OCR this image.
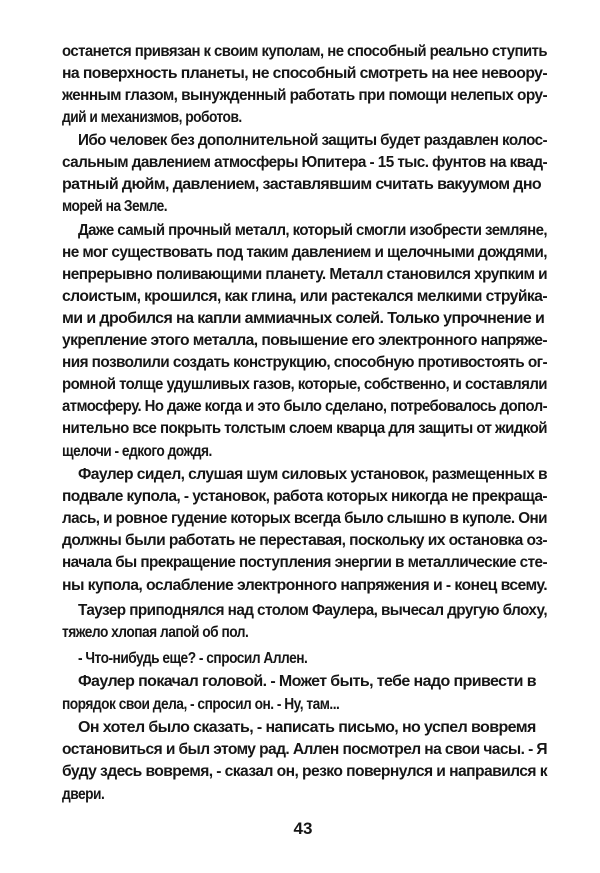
останется привязан к своим куполам, не способный реально ступить
на поверхность планеты, не способный смотреть на нее невоору-
женным глазом, вынужденный работать при помощи нелепых ору-
дий и механизмов, роботов.
Ибо человек без дополнительной защиты будет раздавлен колос-
сальным давлением атмосферы Юпитера - 15 тыс. фунтов на квад-
ратный дюйм, давлением, заставлявшим считать вакуумом дно
морей на Земле.
Даже самый прочный металл, который смогли изобрести земляне,
не мог существовать под таким давлением и щелочными дождями,
непрерывно поливающими планету. Металл становился хрупким и
слоистым, крошился, как глина, или растекался мелкими струйка-
ми и дробился на капли аммиачных солей. Только упрочнение и
укрепление этого металла, повышение его электронного напряже-
ния позволили создать конструкцию, способную противостоять ог-
ромной толще удушливых газов, которые, собственно, и составляли
атмосферу. Но даже когда и это было сделано, потребовалось допол-
нительно все покрыть толстым слоем кварца для защиты от жидкой
щелочи - едкого дождя.
Фаулер сидел, слушая шум силовых установок, размещенных в
подвале купола, - установок, работа которых никогда не прекраща-
лась, и ровное гудение которых всегда было слышно в куполе. Они
должны были работать не переставая, поскольку их остановка оз-
начала бы прекращение поступления энергии в металлические сте-
ны купола, ослабление электронного напряжения и - конец всему.
Таузер приподнялся над столом Фаулера, вычесал другую блоху,
тяжело хлопая лапой об пол.
- Что-нибудь еще? - спросил Аллен.
Фаулер покачал головой. - Может быть, тебе надо привести в
порядок свои дела, - спросил он. - Ну, там...
Он хотел было сказать, - написать письмо, но успел вовремя
остановиться и был этому рад. Аллен посмотрел на свои часы. - Я
буду здесь вовремя, - сказал он, резко повернулся и направился к
двери.
43
